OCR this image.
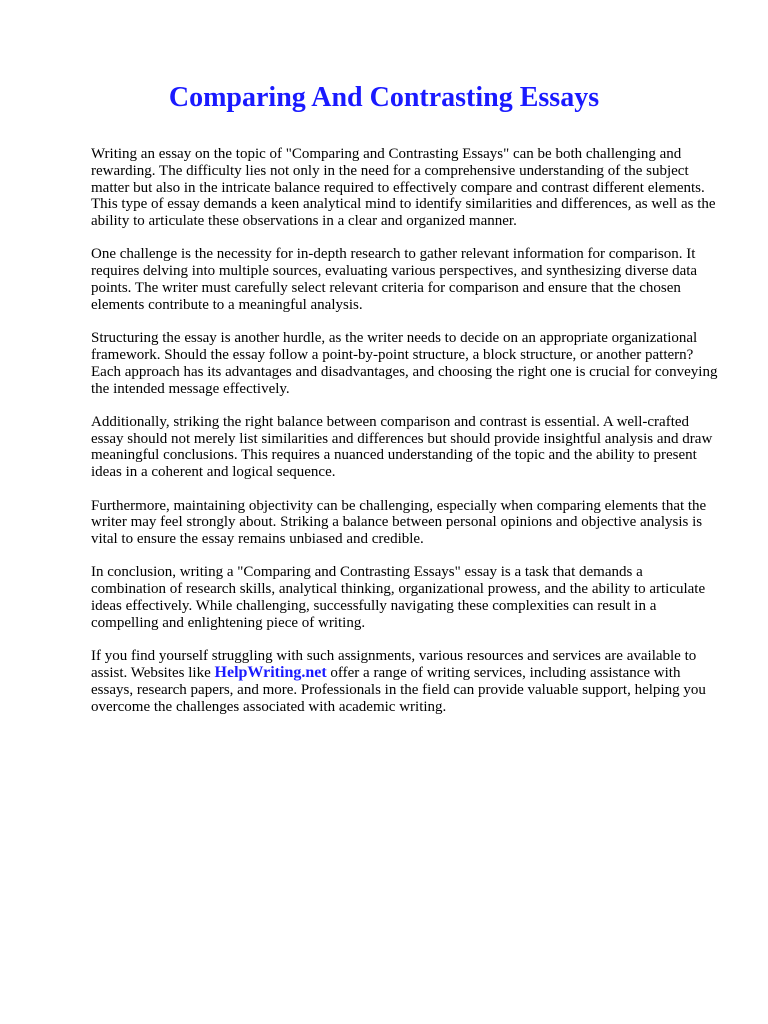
Comparing And Contrasting Essays

Writing an essay on the topic of "Comparing and Contrasting Essays" can be both challenging and rewarding. The difficulty lies not only in the need for a comprehensive understanding of the subject matter but also in the intricate balance required to effectively compare and contrast different elements. This type of essay demands a keen analytical mind to identify similarities and differences, as well as the ability to articulate these observations in a clear and organized manner.

One challenge is the necessity for in-depth research to gather relevant information for comparison. It requires delving into multiple sources, evaluating various perspectives, and synthesizing diverse data points. The writer must carefully select relevant criteria for comparison and ensure that the chosen elements contribute to a meaningful analysis.

Structuring the essay is another hurdle, as the writer needs to decide on an appropriate organizational framework. Should the essay follow a point-by-point structure, a block structure, or another pattern? Each approach has its advantages and disadvantages, and choosing the right one is crucial for conveying the intended message effectively.

Additionally, striking the right balance between comparison and contrast is essential. A well-crafted essay should not merely list similarities and differences but should provide insightful analysis and draw meaningful conclusions. This requires a nuanced understanding of the topic and the ability to present ideas in a coherent and logical sequence.

Furthermore, maintaining objectivity can be challenging, especially when comparing elements that the writer may feel strongly about. Striking a balance between personal opinions and objective analysis is vital to ensure the essay remains unbiased and credible.

In conclusion, writing a "Comparing and Contrasting Essays" essay is a task that demands a combination of research skills, analytical thinking, organizational prowess, and the ability to articulate ideas effectively. While challenging, successfully navigating these complexities can result in a compelling and enlightening piece of writing.

If you find yourself struggling with such assignments, various resources and services are available to assist. Websites like HelpWriting.net offer a range of writing services, including assistance with essays, research papers, and more. Professionals in the field can provide valuable support, helping you overcome the challenges associated with academic writing.
